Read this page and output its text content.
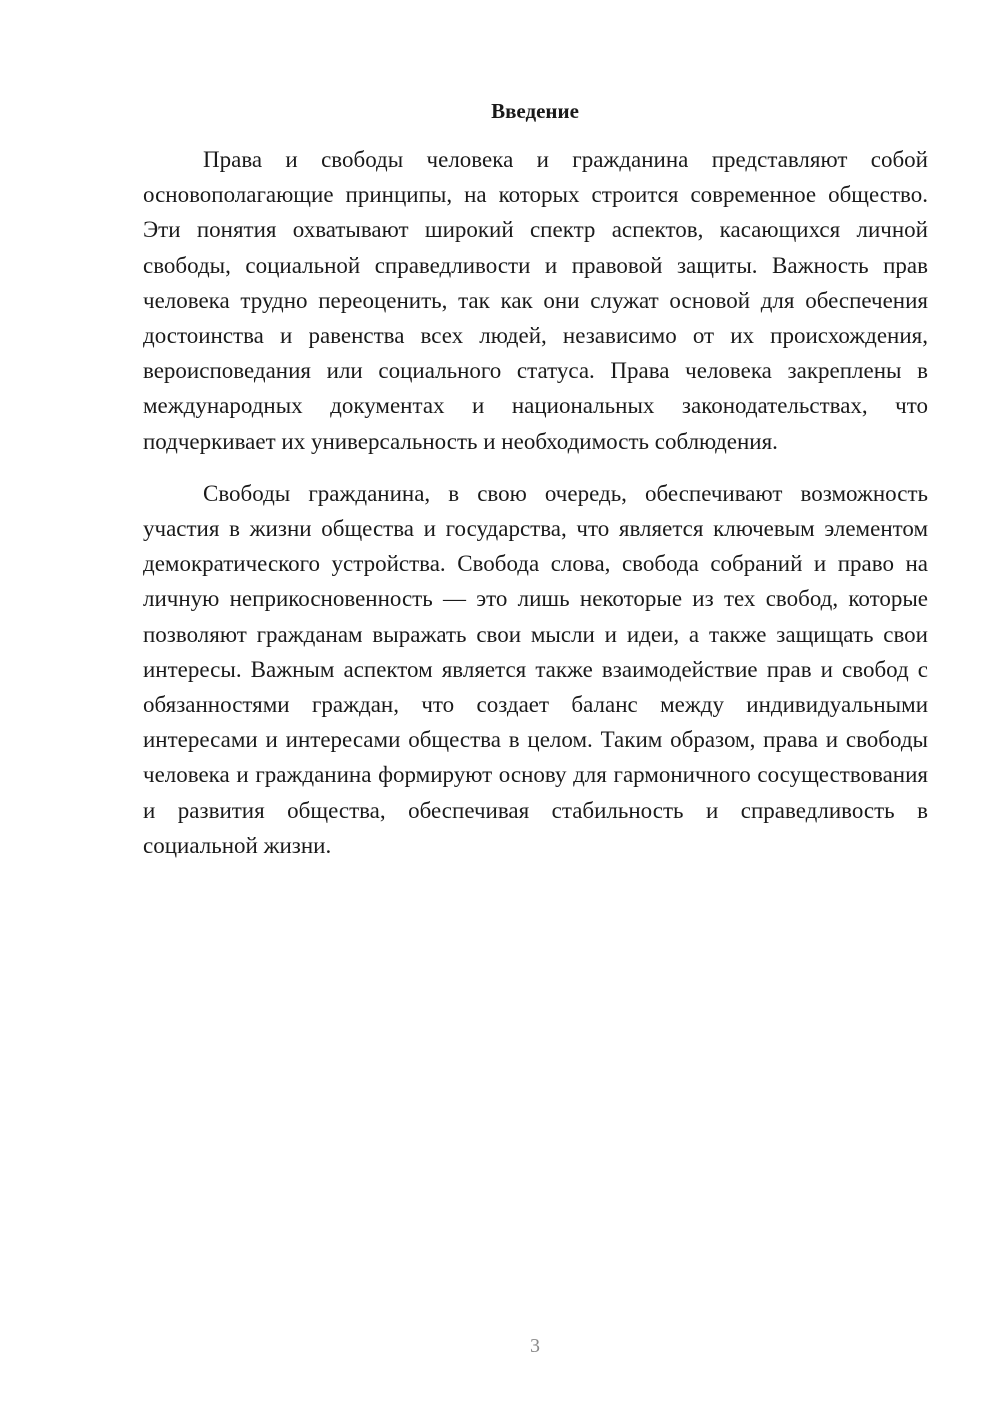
Введение

Права и свободы человека и гражданина представляют собой основополагающие принципы, на которых строится современное общество. Эти понятия охватывают широкий спектр аспектов, касающихся личной свободы, социальной справедливости и правовой защиты. Важность прав человека трудно переоценить, так как они служат основой для обеспечения достоинства и равенства всех людей, независимо от их происхождения, вероисповедания или социального статуса. Права человека закреплены в международных документах и национальных законодательствах, что подчеркивает их универсальность и необходимость соблюдения.

Свободы гражданина, в свою очередь, обеспечивают возможность участия в жизни общества и государства, что является ключевым элементом демократического устройства. Свобода слова, свобода собраний и право на личную неприкосновенность — это лишь некоторые из тех свобод, которые позволяют гражданам выражать свои мысли и идеи, а также защищать свои интересы. Важным аспектом является также взаимодействие прав и свобод с обязанностями граждан, что создает баланс между индивидуальными интересами и интересами общества в целом. Таким образом, права и свободы человека и гражданина формируют основу для гармоничного сосуществования и развития общества, обеспечивая стабильность и справедливость в социальной жизни.

3
